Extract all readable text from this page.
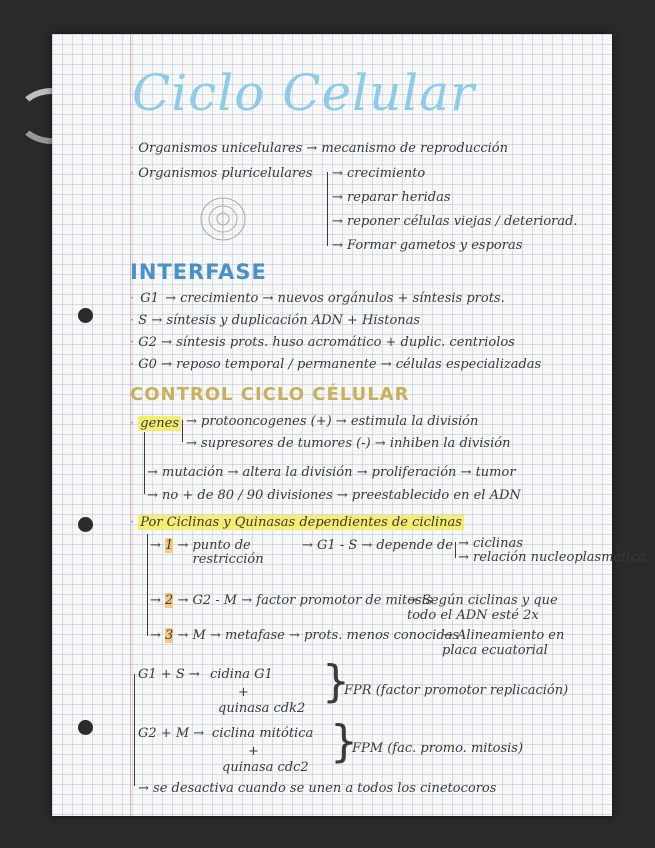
Ciclo Celular
· Organismos unicelulares → mecanismo de reproducción
· Organismos pluricelulares → crecimiento
→ reparar heridas
→ reponer células viejas / deteriorad.
→ Formar gametos y esporas
INTERFASE
· G1 → crecimiento → nuevos orgánulos + síntesis prots.
· S → síntesis y duplicación ADN + Histonas
· G2 → síntesis prots. huso acromático + duplic. centriolos
· G0 → reposo temporal / permanente → células especializadas
CONTROL CICLO CÉLULAR
· genes → protooncogenes (+) → estimula la división
→ supresores de tumores (-) → inhiben la división
→ mutación → altera la división → proliferación → tumor
→ no + de 80 / 90 divisiones → preestablecido en el ADN
· Por Ciclinas y Quinasas dependientes de ciclinas
→ 1 → punto de restricción
→ G1 - S → depende de → ciclinas
→ relación nucleoplasmática
→ 2 → G2 - M → factor promotor de mitosis
→ Según ciclinas y que todo el ADN esté 2x
→ 3 → M → metafase → prots. menos conocidas
→ Alineamiento en placa ecuatorial
G1 + S → cidina G1
+
quinasa cdk2
}
FPR (factor promotor replicación)
G2 + M → ciclina mitótica
+
quinasa cdc2
}
FPM (fac. promo. mitosis)
→ se desactiva cuando se unen a todos los cinetocoros
